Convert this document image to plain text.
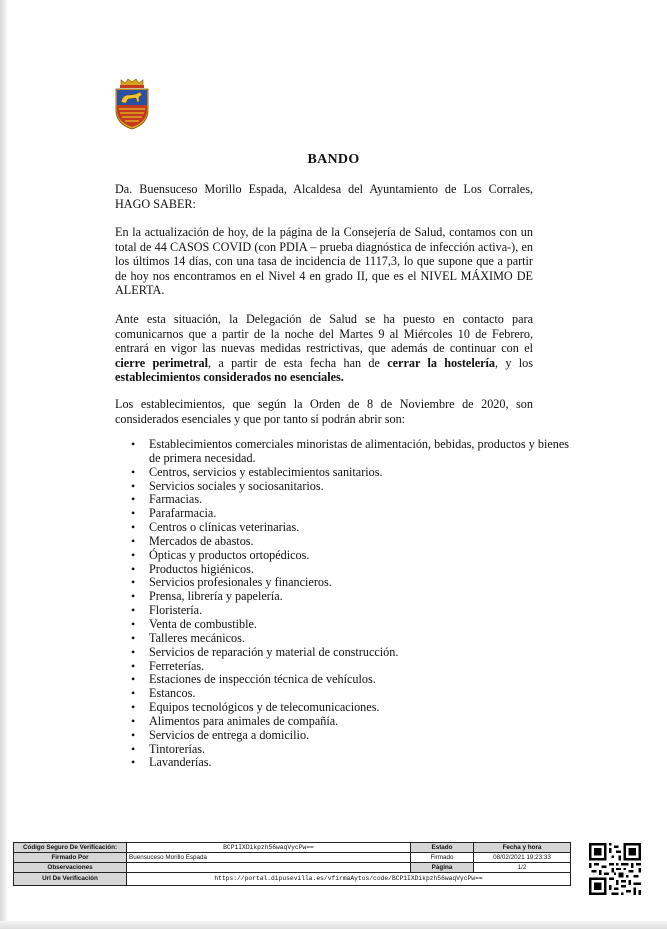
BANDO
Da. Buensuceso Morillo Espada, Alcaldesa del Ayuntamiento de Los Corrales, HAGO SABER:
En la actualización de hoy, de la página de la Consejería de Salud, contamos con un total de 44 CASOS COVID (con PDIA – prueba diagnóstica de infección activa-), en los últimos 14 días, con una tasa de incidencia de 1117,3, lo que supone que a partir de hoy nos encontramos en el Nivel 4 en grado II, que es el NIVEL MÁXIMO DE ALERTA.
Ante esta situación, la Delegación de Salud se ha puesto en contacto para comunicarnos que a partir de la noche del Martes 9 al Miércoles 10 de Febrero, entrará en vigor las nuevas medidas restrictivas, que además de continuar con el cierre perimetral, a partir de esta fecha han de cerrar la hostelería, y los establecimientos considerados no esenciales.
Los establecimientos, que según la Orden de 8 de Noviembre de 2020, son considerados esenciales y que por tanto sí podrán abrir son:
• Establecimientos comerciales minoristas de alimentación, bebidas, productos y bienes de primera necesidad.
• Centros, servicios y establecimientos sanitarios.
• Servicios sociales y sociosanitarios.
• Farmacias.
• Parafarmacia.
• Centros o clínicas veterinarias.
• Mercados de abastos.
• Ópticas y productos ortopédicos.
• Productos higiénicos.
• Servicios profesionales y financieros.
• Prensa, librería y papelería.
• Floristería.
• Venta de combustible.
• Talleres mecánicos.
• Servicios de reparación y material de construcción.
• Ferreterías.
• Estaciones de inspección técnica de vehículos.
• Estancos.
• Equipos tecnológicos y de telecomunicaciones.
• Alimentos para animales de compañía.
• Servicios de entrega a domicilio.
• Tintorerías.
• Lavanderías.
Código Seguro De Verificación:	BCP1IXDikpzh56waqVycPw==	Estado	Fecha y hora
Firmado Por	Buensuceso Morillo Espada	Firmado	08/02/2021 19:23:33
Observaciones		Página	1/2
Url De Verificación	https://portal.dipusevilla.es/vfirmaAytos/code/BCP1IXDikpzh56waqVycPw==		
